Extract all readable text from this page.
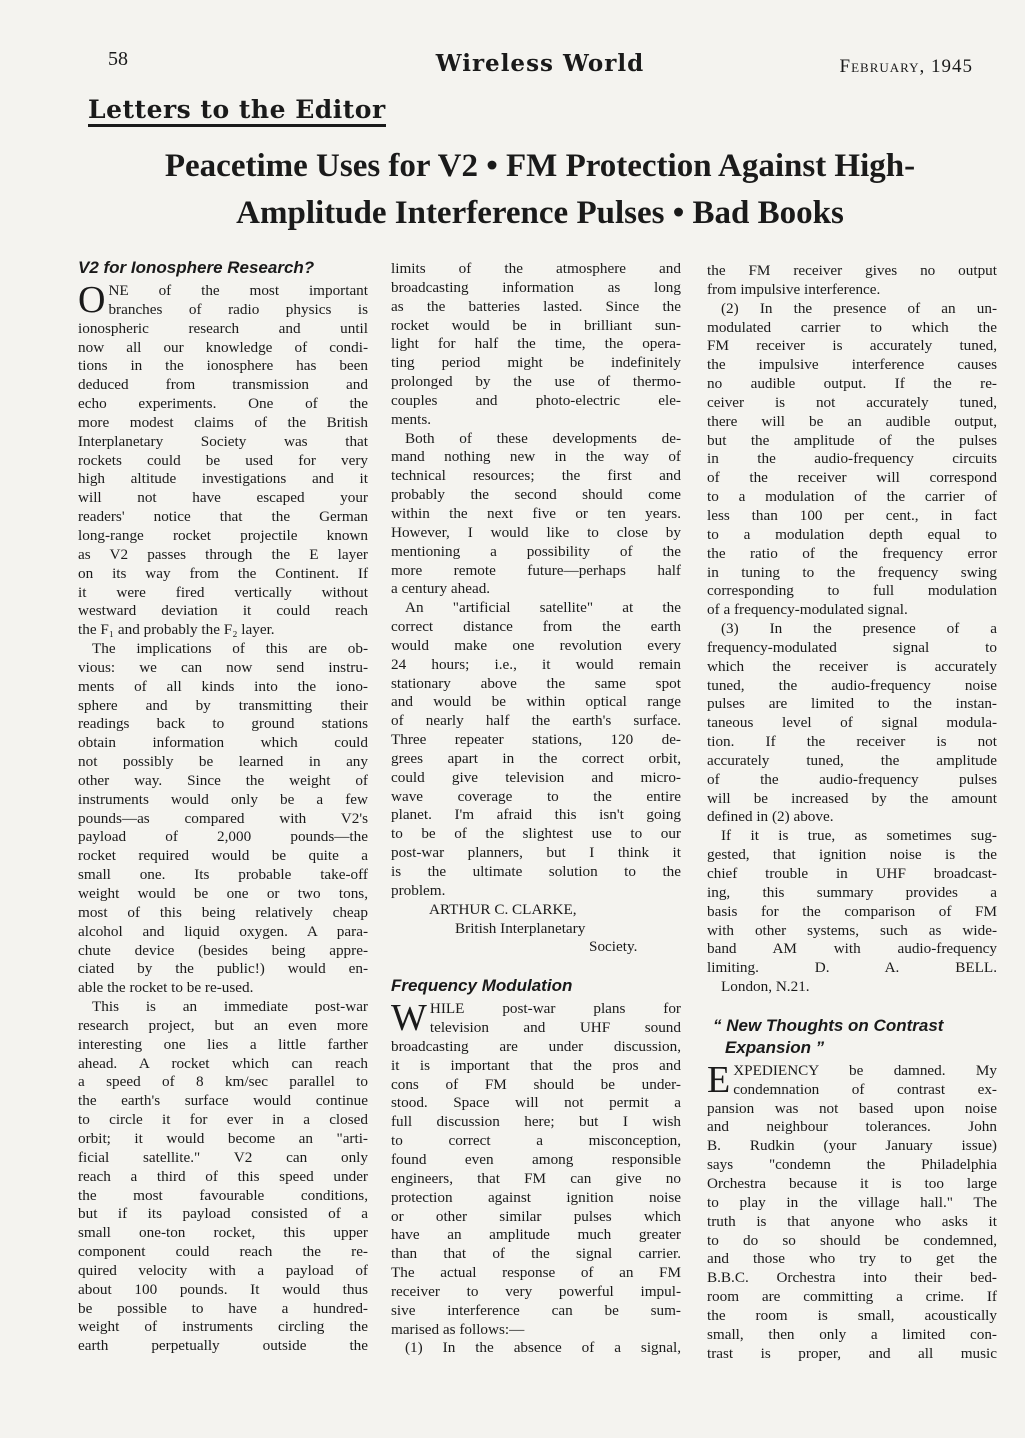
58	Wireless World	February, 1945
Letters to the Editor
Peacetime Uses for V2 • FM Protection Against High-
Amplitude Interference Pulses • Bad Books
V2 for Ionosphere Research?
O NE of the most important
branches of radio physics is
ionospheric research and until
now all our knowledge of condi-
tions in the ionosphere has been
deduced from transmission and
echo experiments. One of the
more modest claims of the British
Interplanetary Society was that
rockets could be used for very
high altitude investigations and it
will not have escaped your
readers' notice that the German
long-range rocket projectile known
as V2 passes through the E layer
on its way from the Continent. If
it were fired vertically without
westward deviation it could reach
the F₁ and probably the F₂ layer.
The implications of this are ob-
vious: we can now send instru-
ments of all kinds into the iono-
sphere and by transmitting their
readings back to ground stations
obtain information which could
not possibly be learned in any
other way. Since the weight of
instruments would only be a few
pounds—as compared with V2's
payload of 2,000 pounds—the
rocket required would be quite a
small one. Its probable take-off
weight would be one or two tons,
most of this being relatively cheap
alcohol and liquid oxygen. A para-
chute device (besides being appre-
ciated by the public!) would en-
able the rocket to be re-used.
This is an immediate post-war
research project, but an even more
interesting one lies a little farther
ahead. A rocket which can reach
a speed of 8 km/sec parallel to
the earth's surface would continue
to circle it for ever in a closed
orbit; it would become an "arti-
ficial satellite." V2 can only
reach a third of this speed under
the most favourable conditions,
but if its payload consisted of a
small one-ton rocket, this upper
component could reach the re-
quired velocity with a payload of
about 100 pounds. It would thus
be possible to have a hundred-
weight of instruments circling the
earth perpetually outside the
limits of the atmosphere and
broadcasting information as long
as the batteries lasted. Since the
rocket would be in brilliant sun-
light for half the time, the opera-
ting period might be indefinitely
prolonged by the use of thermo-
couples and photo-electric ele-
ments.
Both of these developments de-
mand nothing new in the way of
technical resources; the first and
probably the second should come
within the next five or ten years.
However, I would like to close by
mentioning a possibility of the
more remote future—perhaps half
a century ahead.
An "artificial satellite" at the
correct distance from the earth
would make one revolution every
24 hours; i.e., it would remain
stationary above the same spot
and would be within optical range
of nearly half the earth's surface.
Three repeater stations, 120 de-
grees apart in the correct orbit,
could give television and micro-
wave coverage to the entire
planet. I'm afraid this isn't going
to be of the slightest use to our
post-war planners, but I think it
is the ultimate solution to the
problem.
ARTHUR C. CLARKE,
British Interplanetary
Society.
Frequency Modulation
W HILE post-war plans for
television and UHF sound
broadcasting are under discussion,
it is important that the pros and
cons of FM should be under-
stood. Space will not permit a
full discussion here; but I wish
to correct a misconception,
found even among responsible
engineers, that FM can give no
protection against ignition noise
or other similar pulses which
have an amplitude much greater
than that of the signal carrier.
The actual response of an FM
receiver to very powerful impul-
sive interference can be sum-
marised as follows:—
(1) In the absence of a signal,
the FM receiver gives no output
from impulsive interference.
(2) In the presence of an un-
modulated carrier to which the
FM receiver is accurately tuned,
the impulsive interference causes
no audible output. If the re-
ceiver is not accurately tuned,
there will be an audible output,
but the amplitude of the pulses
in the audio-frequency circuits
of the receiver will correspond
to a modulation of the carrier of
less than 100 per cent., in fact
to a modulation depth equal to
the ratio of the frequency error
in tuning to the frequency swing
corresponding to full modulation
of a frequency-modulated signal.
(3) In the presence of a
frequency-modulated signal to
which the receiver is accurately
tuned, the audio-frequency noise
pulses are limited to the instan-
taneous level of signal modula-
tion. If the receiver is not
accurately tuned, the amplitude
of the audio-frequency pulses
will be increased by the amount
defined in (2) above.
If it is true, as sometimes sug-
gested, that ignition noise is the
chief trouble in UHF broadcast-
ing, this summary provides a
basis for the comparison of FM
with other systems, such as wide-
band AM with audio-frequency
limiting. D. A. BELL.
London, N.21.
“ New Thoughts on Contrast Expansion ”
E XPEDIENCY be damned. My
condemnation of contrast ex-
pansion was not based upon noise
and neighbour tolerances. John
B. Rudkin (your January issue)
says "condemn the Philadelphia
Orchestra because it is too large
to play in the village hall." The
truth is that anyone who asks it
to do so should be condemned,
and those who try to get the
B.B.C. Orchestra into their bed-
room are committing a crime. If
the room is small, acoustically
small, then only a limited con-
trast is proper, and all music
